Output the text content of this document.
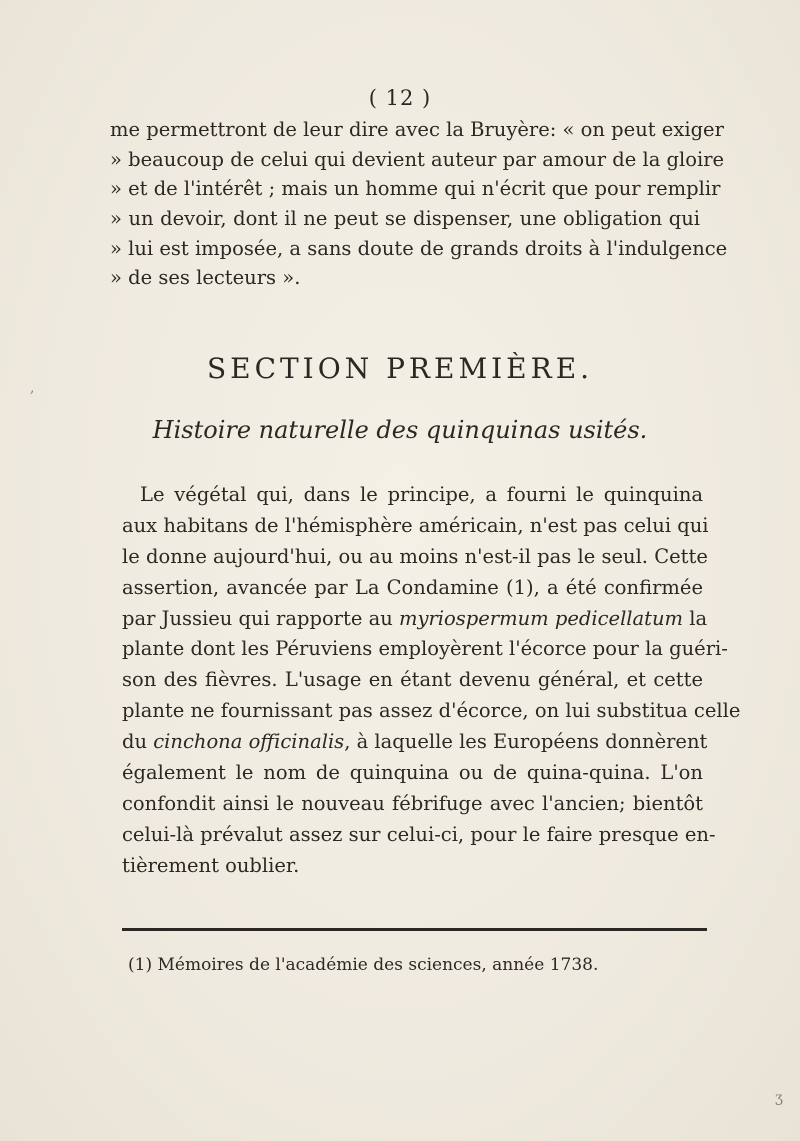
( 12 )
me permettront de leur dire avec la Bruyère: « on peut exiger
» beaucoup de celui qui devient auteur par amour de la gloire
» et de l'intérêt ; mais un homme qui n'écrit que pour remplir
» un devoir, dont il ne peut se dispenser, une obligation qui
» lui est imposée, a sans doute de grands droits à l'indulgence
» de ses lecteurs ».
SECTION PREMIÈRE.
Histoire naturelle des quinquinas usités.
Le végétal qui, dans le principe, a fourni le quinquina
aux habitans de l'hémisphère américain, n'est pas celui qui
le donne aujourd'hui, ou au moins n'est-il pas le seul. Cette
assertion, avancée par La Condamine (1), a été confirmée
par Jussieu qui rapporte au myriospermum pedicellatum la
plante dont les Péruviens employèrent l'écorce pour la guéri-
son des fièvres. L'usage en étant devenu général, et cette
plante ne fournissant pas assez d'écorce, on lui substitua celle
du cinchona officinalis, à laquelle les Européens donnèrent
également le nom de quinquina ou de quina-quina. L'on
confondit ainsi le nouveau fébrifuge avec l'ancien; bientôt
celui-là prévalut assez sur celui-ci, pour le faire presque en-
tièrement oublier.
(1) Mémoires de l'académie des sciences, année 1738.
,
ʒ
